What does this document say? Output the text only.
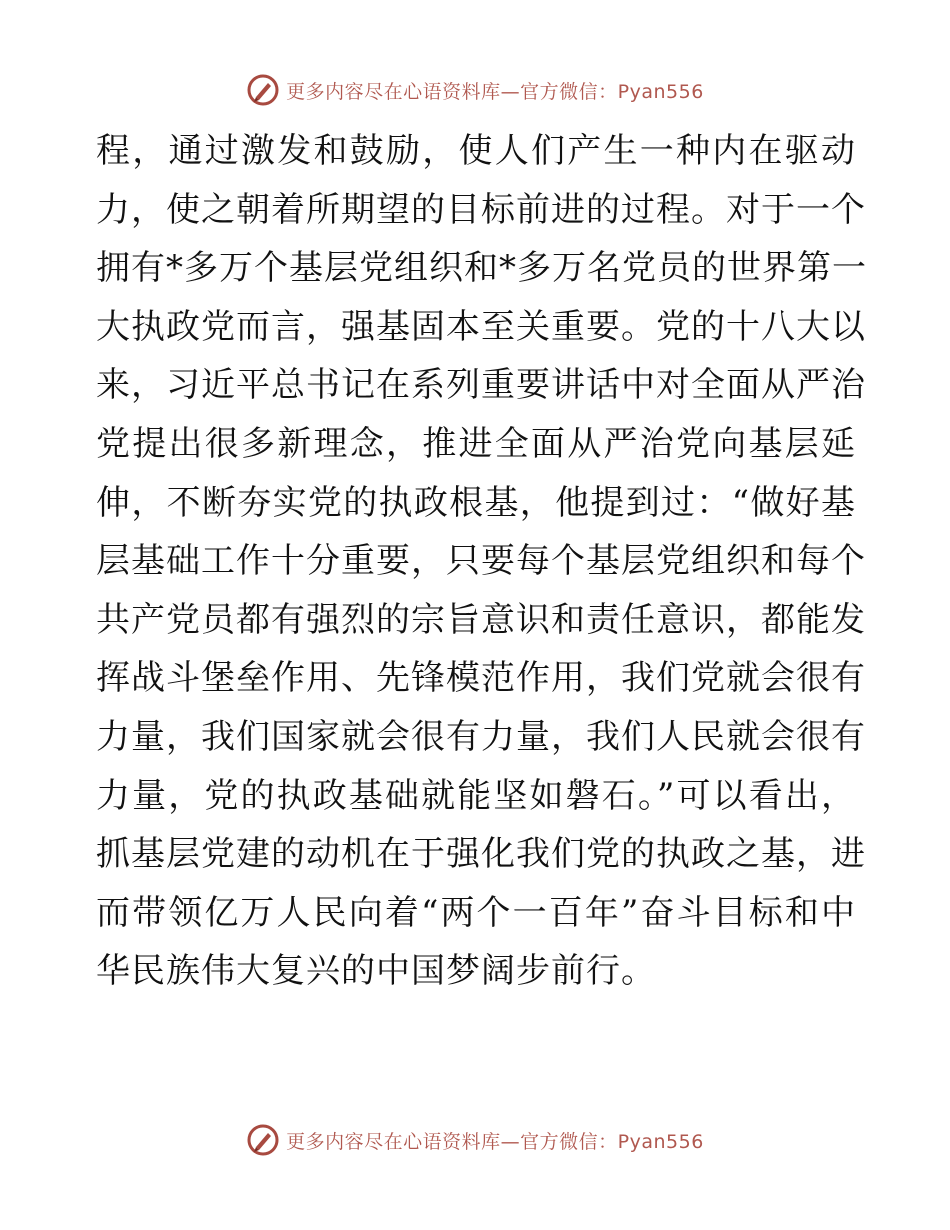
更多内容尽在心语资料库—官方微信：Pyan556
程，通过激发和鼓励，使人们产生一种内在驱动
力，使之朝着所期望的目标前进的过程。对于一个
拥有*多万个基层党组织和*多万名党员的世界第一
大执政党而言，强基固本至关重要。党的十八大以
来，习近平总书记在系列重要讲话中对全面从严治
党提出很多新理念，推进全面从严治党向基层延
伸，不断夯实党的执政根基，他提到过：“做好基
层基础工作十分重要，只要每个基层党组织和每个
共产党员都有强烈的宗旨意识和责任意识，都能发
挥战斗堡垒作用、先锋模范作用，我们党就会很有
力量，我们国家就会很有力量，我们人民就会很有
力量，党的执政基础就能坚如磐石。”可以看出，
抓基层党建的动机在于强化我们党的执政之基，进
而带领亿万人民向着“两个一百年”奋斗目标和中
华民族伟大复兴的中国梦阔步前行。
更多内容尽在心语资料库—官方微信：Pyan556
